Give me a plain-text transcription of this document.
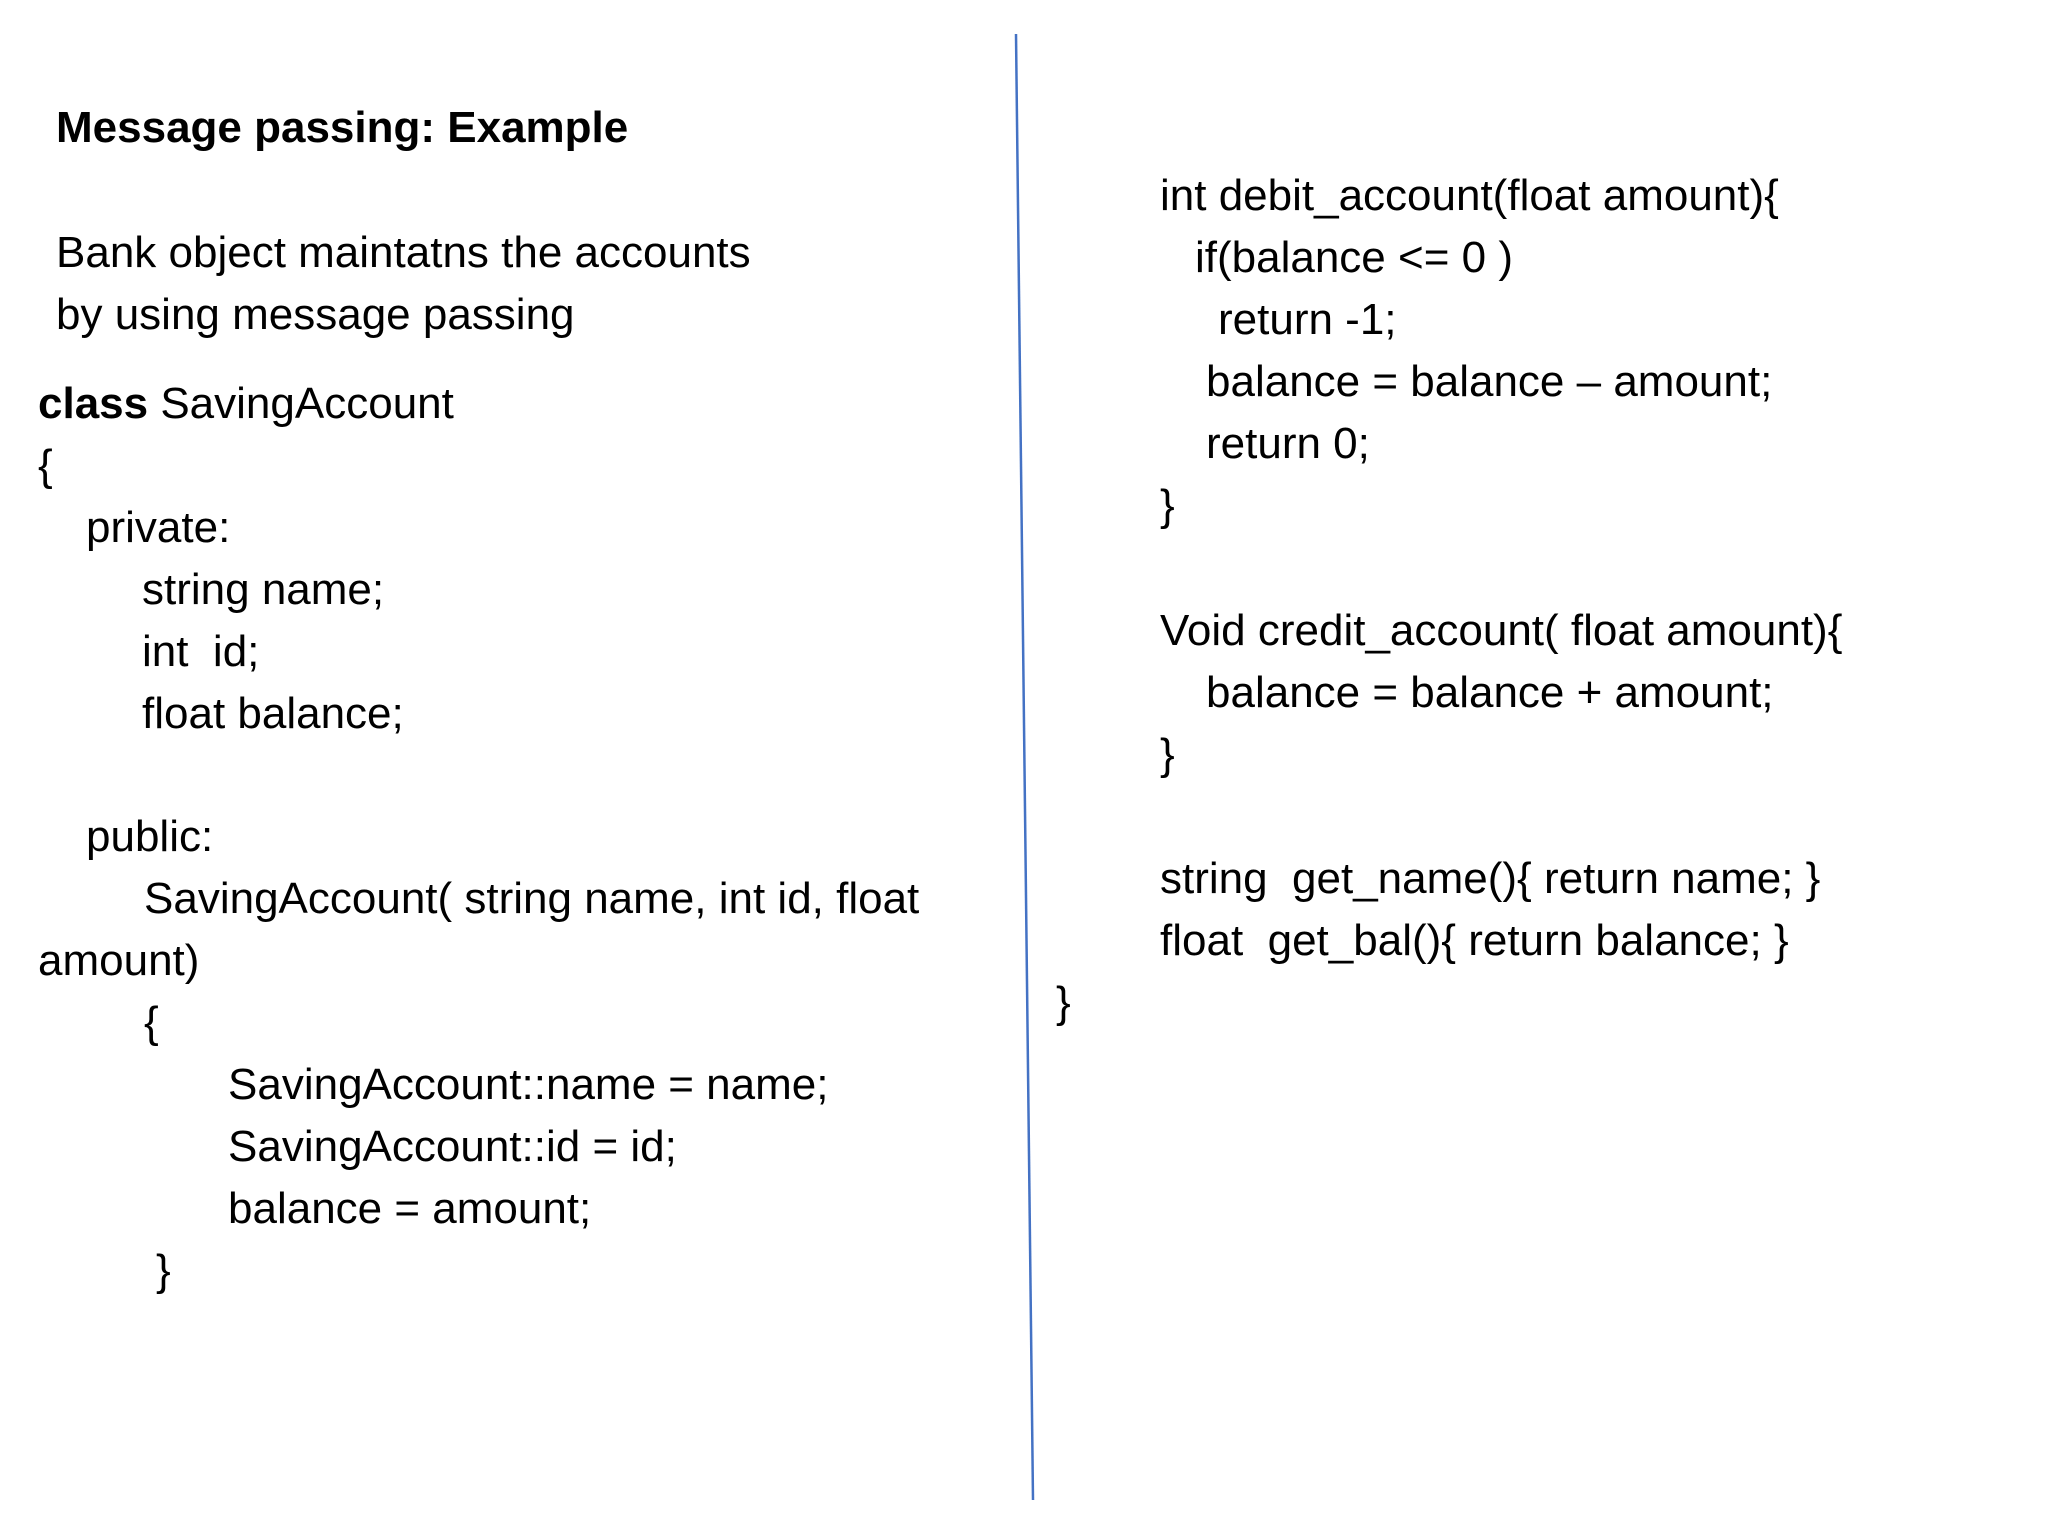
Message passing: Example
Bank object maintatns the accounts
by using message passing
class SavingAccount
{
private:
string name;
int  id;
float balance;
public:
SavingAccount( string name, int id, float
amount)
{
SavingAccount::name = name;
SavingAccount::id = id;
balance = amount;
}
int debit_account(float amount){
if(balance <= 0 )
return -1;
balance = balance – amount;
return 0;
}
Void credit_account( float amount){
balance = balance + amount;
}
string  get_name(){ return name; }
float  get_bal(){ return balance; }
}
